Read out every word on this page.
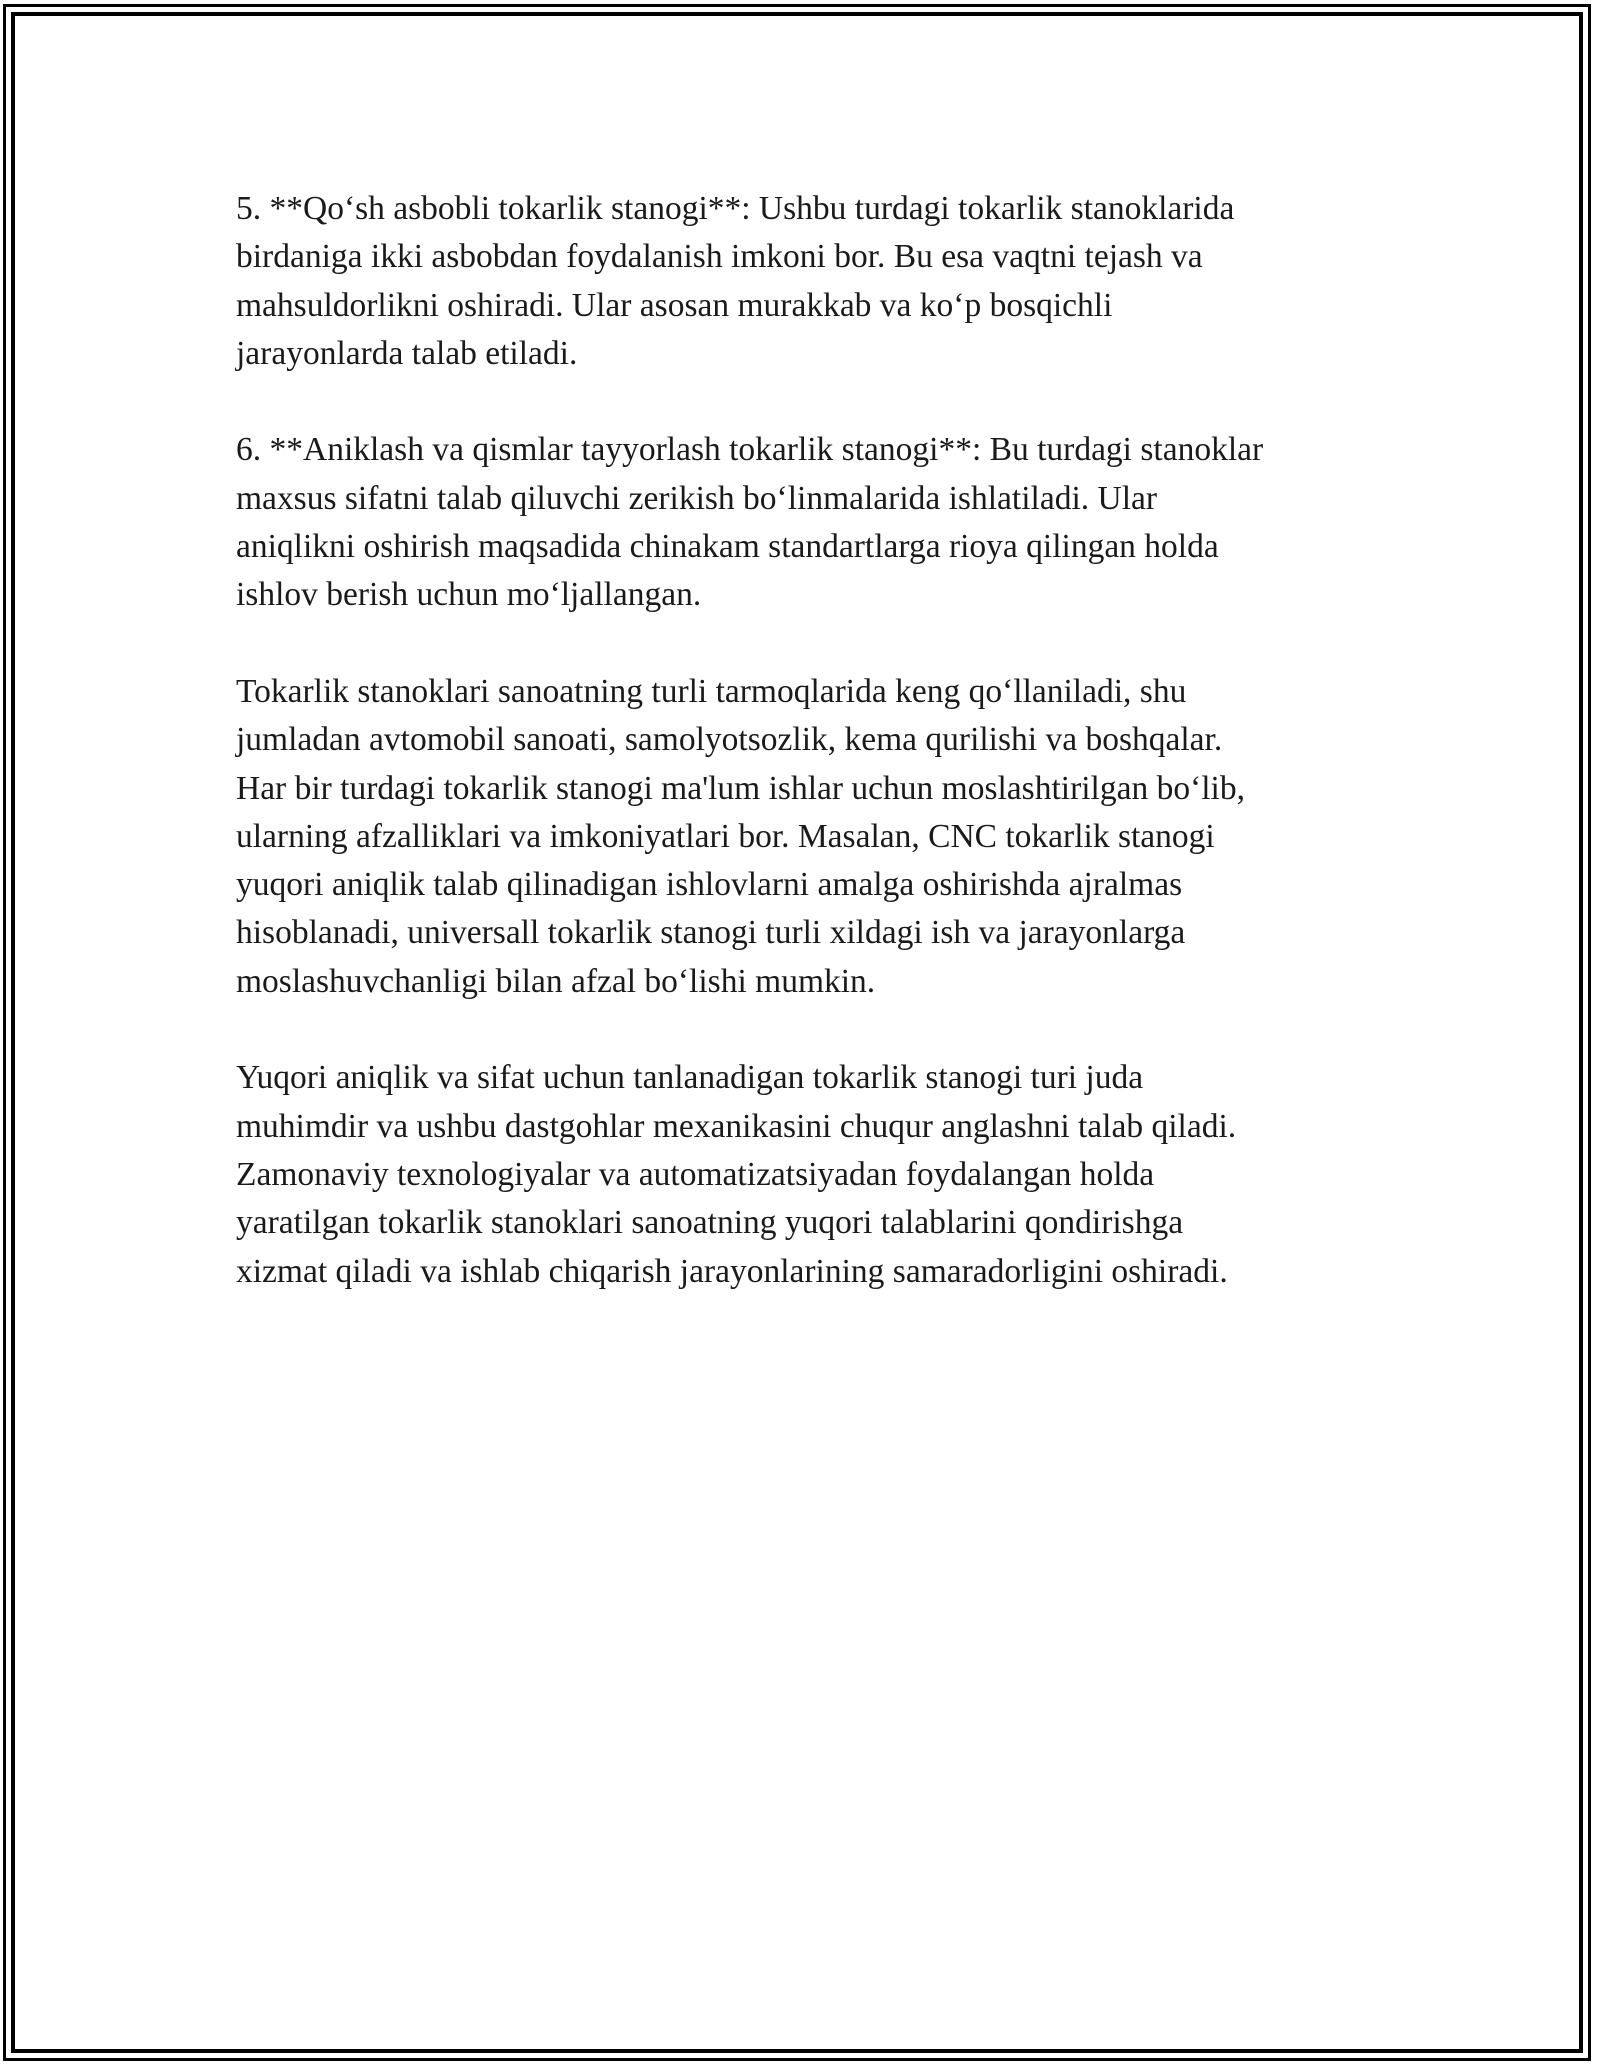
5. **Qo‘sh asbobli tokarlik stanogi**: Ushbu turdagi tokarlik stanoklarida
birdaniga ikki asbobdan foydalanish imkoni bor. Bu esa vaqtni tejash va
mahsuldorlikni oshiradi. Ular asosan murakkab va ko‘p bosqichli
jarayonlarda talab etiladi.

6. **Aniklash va qismlar tayyorlash tokarlik stanogi**: Bu turdagi stanoklar
maxsus sifatni talab qiluvchi zerikish bo‘linmalarida ishlatiladi. Ular
aniqlikni oshirish maqsadida chinakam standartlarga rioya qilingan holda
ishlov berish uchun mo‘ljallangan.

Tokarlik stanoklari sanoatning turli tarmoqlarida keng qo‘llaniladi, shu
jumladan avtomobil sanoati, samolyotsozlik, kema qurilishi va boshqalar.
Har bir turdagi tokarlik stanogi ma'lum ishlar uchun moslashtirilgan bo‘lib,
ularning afzalliklari va imkoniyatlari bor. Masalan, CNC tokarlik stanogi
yuqori aniqlik talab qilinadigan ishlovlarni amalga oshirishda ajralmas
hisoblanadi, universall tokarlik stanogi turli xildagi ish va jarayonlarga
moslashuvchanligi bilan afzal bo‘lishi mumkin.

Yuqori aniqlik va sifat uchun tanlanadigan tokarlik stanogi turi juda
muhimdir va ushbu dastgohlar mexanikasini chuqur anglashni talab qiladi.
Zamonaviy texnologiyalar va automatizatsiyadan foydalangan holda
yaratilgan tokarlik stanoklari sanoatning yuqori talablarini qondirishga
xizmat qiladi va ishlab chiqarish jarayonlarining samaradorligini oshiradi.
